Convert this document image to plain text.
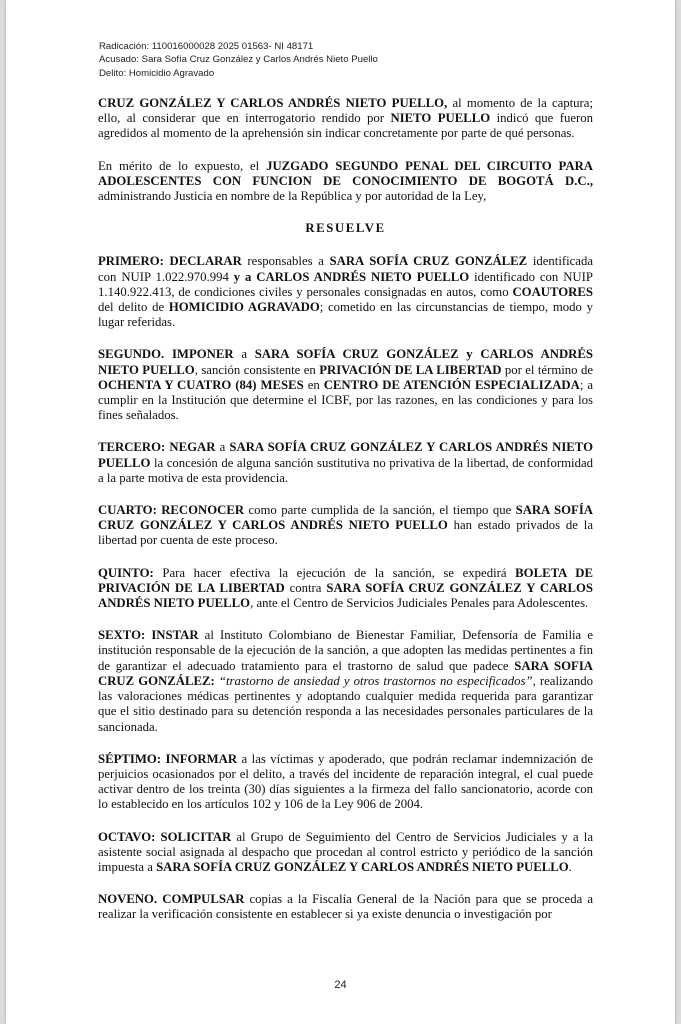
Radicación: 110016000028 2025 01563- NI 48171
Acusado: Sara Sofía Cruz González y Carlos Andrés Nieto Puello
Delito: Homicidio Agravado

CRUZ GONZÁLEZ Y CARLOS ANDRÉS NIETO PUELLO, al momento de la captura; ello, al considerar que en interrogatorio rendido por NIETO PUELLO indicó que fueron agredidos al momento de la aprehensión sin indicar concretamente por parte de qué personas.

En mérito de lo expuesto, el JUZGADO SEGUNDO PENAL DEL CIRCUITO PARA ADOLESCENTES CON FUNCION DE CONOCIMIENTO DE BOGOTÁ D.C., administrando Justicia en nombre de la República y por autoridad de la Ley,

RESUELVE

PRIMERO: DECLARAR responsables a SARA SOFÍA CRUZ GONZÁLEZ identificada con NUIP 1.022.970.994 y a CARLOS ANDRÉS NIETO PUELLO identificado con NUIP 1.140.922.413, de condiciones civiles y personales consignadas en autos, como COAUTORES del delito de HOMICIDIO AGRAVADO; cometido en las circunstancias de tiempo, modo y lugar referidas.

SEGUNDO. IMPONER a SARA SOFÍA CRUZ GONZÁLEZ y CARLOS ANDRÉS NIETO PUELLO, sanción consistente en PRIVACIÓN DE LA LIBERTAD por el término de OCHENTA Y CUATRO (84) MESES en CENTRO DE ATENCIÓN ESPECIALIZADA; a cumplir en la Institución que determine el ICBF, por las razones, en las condiciones y para los fines señalados.

TERCERO: NEGAR a SARA SOFÍA CRUZ GONZÁLEZ Y CARLOS ANDRÉS NIETO PUELLO la concesión de alguna sanción sustitutiva no privativa de la libertad, de conformidad a la parte motiva de esta providencia.

CUARTO: RECONOCER como parte cumplida de la sanción, el tiempo que SARA SOFÍA CRUZ GONZÁLEZ Y CARLOS ANDRÉS NIETO PUELLO han estado privados de la libertad por cuenta de este proceso.

QUINTO: Para hacer efectiva la ejecución de la sanción, se expedirá BOLETA DE PRIVACIÓN DE LA LIBERTAD contra SARA SOFÍA CRUZ GONZÁLEZ Y CARLOS ANDRÉS NIETO PUELLO, ante el Centro de Servicios Judiciales Penales para Adolescentes.

SEXTO: INSTAR al Instituto Colombiano de Bienestar Familiar, Defensoría de Familia e institución responsable de la ejecución de la sanción, a que adopten las medidas pertinentes a fin de garantizar el adecuado tratamiento para el trastorno de salud que padece SARA SOFIA CRUZ GONZÁLEZ: “trastorno de ansiedad y otros trastornos no especificados”, realizando las valoraciones médicas pertinentes y adoptando cualquier medida requerida para garantizar que el sitio destinado para su detención responda a las necesidades personales particulares de la sancionada.

SÉPTIMO: INFORMAR a las víctimas y apoderado, que podrán reclamar indemnización de perjuicios ocasionados por el delito, a través del incidente de reparación integral, el cual puede activar dentro de los treinta (30) días siguientes a la firmeza del fallo sancionatorio, acorde con lo establecido en los artículos 102 y 106 de la Ley 906 de 2004.

OCTAVO: SOLICITAR al Grupo de Seguimiento del Centro de Servicios Judiciales y a la asistente social asignada al despacho que procedan al control estricto y periódico de la sanción impuesta a SARA SOFÍA CRUZ GONZÁLEZ Y CARLOS ANDRÉS NIETO PUELLO.

NOVENO. COMPULSAR copias a la Fiscalía General de la Nación para que se proceda a realizar la verificación consistente en establecer si ya existe denuncia o investigación por

24
